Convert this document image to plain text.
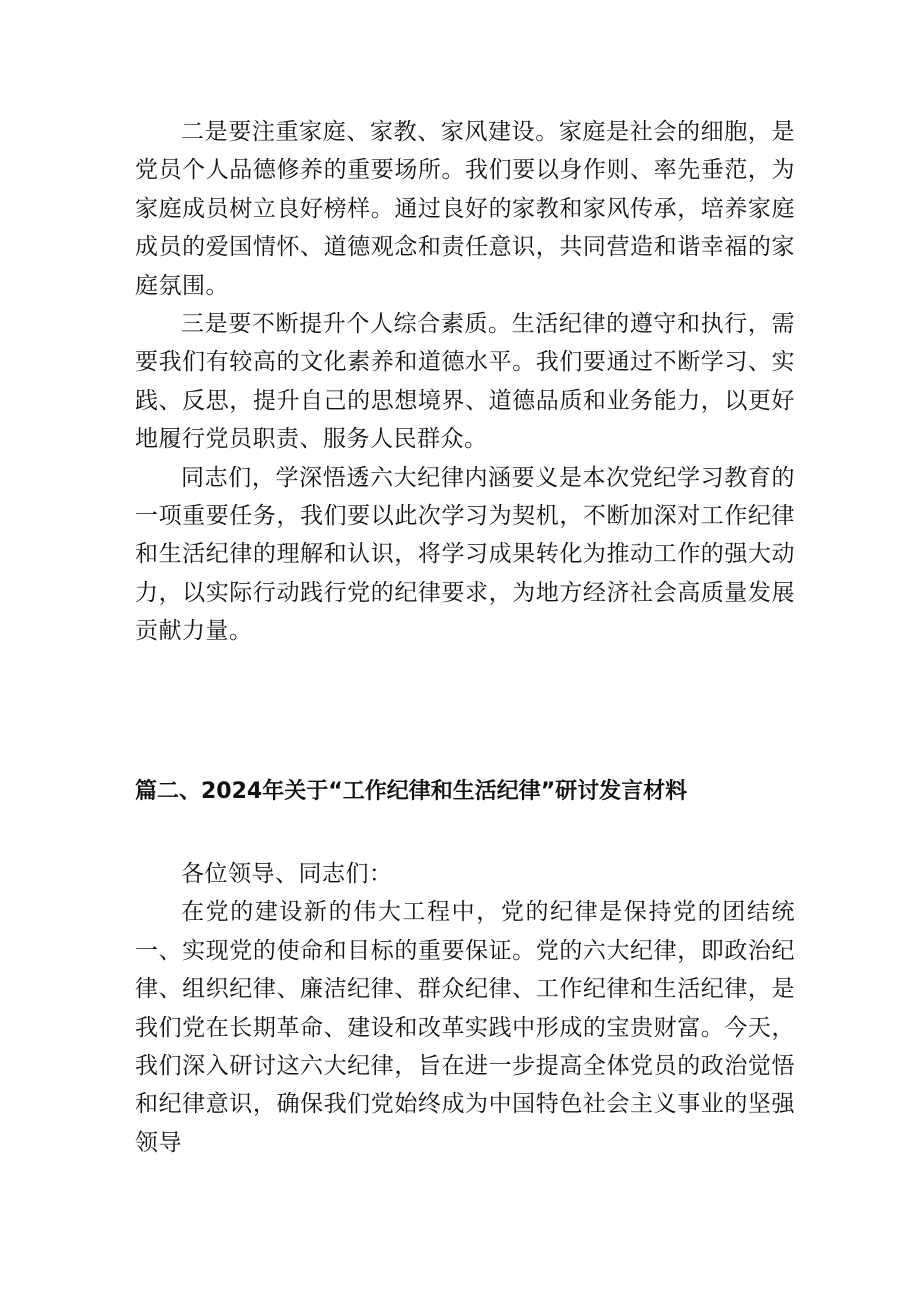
二是要注重家庭、家教、家风建设。家庭是社会的细胞，是党员个人品德修养的重要场所。我们要以身作则、率先垂范，为家庭成员树立良好榜样。通过良好的家教和家风传承，培养家庭成员的爱国情怀、道德观念和责任意识，共同营造和谐幸福的家庭氛围。

三是要不断提升个人综合素质。生活纪律的遵守和执行，需要我们有较高的文化素养和道德水平。我们要通过不断学习、实践、反思，提升自己的思想境界、道德品质和业务能力，以更好地履行党员职责、服务人民群众。

同志们，学深悟透六大纪律内涵要义是本次党纪学习教育的一项重要任务，我们要以此次学习为契机，不断加深对工作纪律和生活纪律的理解和认识，将学习成果转化为推动工作的强大动力，以实际行动践行党的纪律要求，为地方经济社会高质量发展贡献力量。

篇二、2024年关于“工作纪律和生活纪律”研讨发言材料

各位领导、同志们：

在党的建设新的伟大工程中，党的纪律是保持党的团结统一、实现党的使命和目标的重要保证。党的六大纪律，即政治纪律、组织纪律、廉洁纪律、群众纪律、工作纪律和生活纪律，是我们党在长期革命、建设和改革实践中形成的宝贵财富。今天，我们深入研讨这六大纪律，旨在进一步提高全体党员的政治觉悟和纪律意识，确保我们党始终成为中国特色社会主义事业的坚强领导
